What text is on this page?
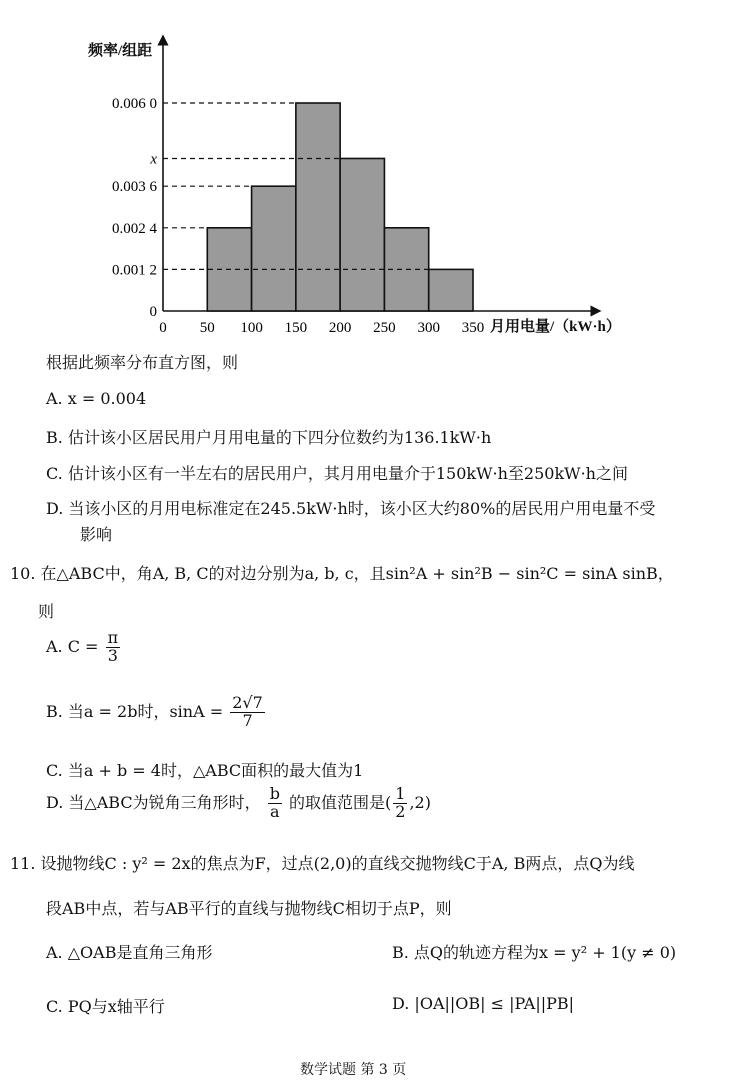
0
0.001 2
0.002 4
0.003 6
x
0.006 0
0 50 100 150 200 250 300 350
频率/组距
月用电量/（kW·h）
根据此频率分布直方图，则
A. x = 0.004
B. 估计该小区居民用户月用电量的下四分位数约为136.1kW·h
C. 估计该小区有一半左右的居民用户，其月用电量介于150kW·h至250kW·h之间
D. 当该小区的月用电标准定在245.5kW·h时，该小区大约80%的居民用户用电量不受
影响
10. 在△ABC中，角A, B, C的对边分别为a, b, c，且sin²A + sin²B − sin²C = sinA sinB，
则
A. $C = \frac{\pi}{3}$
B. 当a = 2b时，$\sin A = \frac{2√7}{7}$
C. 当a + b = 4时，△ABC面积的最大值为1
D. 当△ABC为锐角三角形时， $\frac{b}{a}$ 的取值范围是( $\frac{1}{2} ,2$)
11. 设抛物线C : y² = 2x的焦点为F，过点(2,0)的直线交抛物线C于A, B两点，点Q为线
段AB中点，若与AB平行的直线与抛物线C相切于点P，则
A. △OAB是直角三角形	B. 点Q的轨迹方程为x = y² + 1(y ≠ 0)
C. PQ与x轴平行	D. |OA||OB| ≤ |PA||PB|
数学试题 第 3 页
